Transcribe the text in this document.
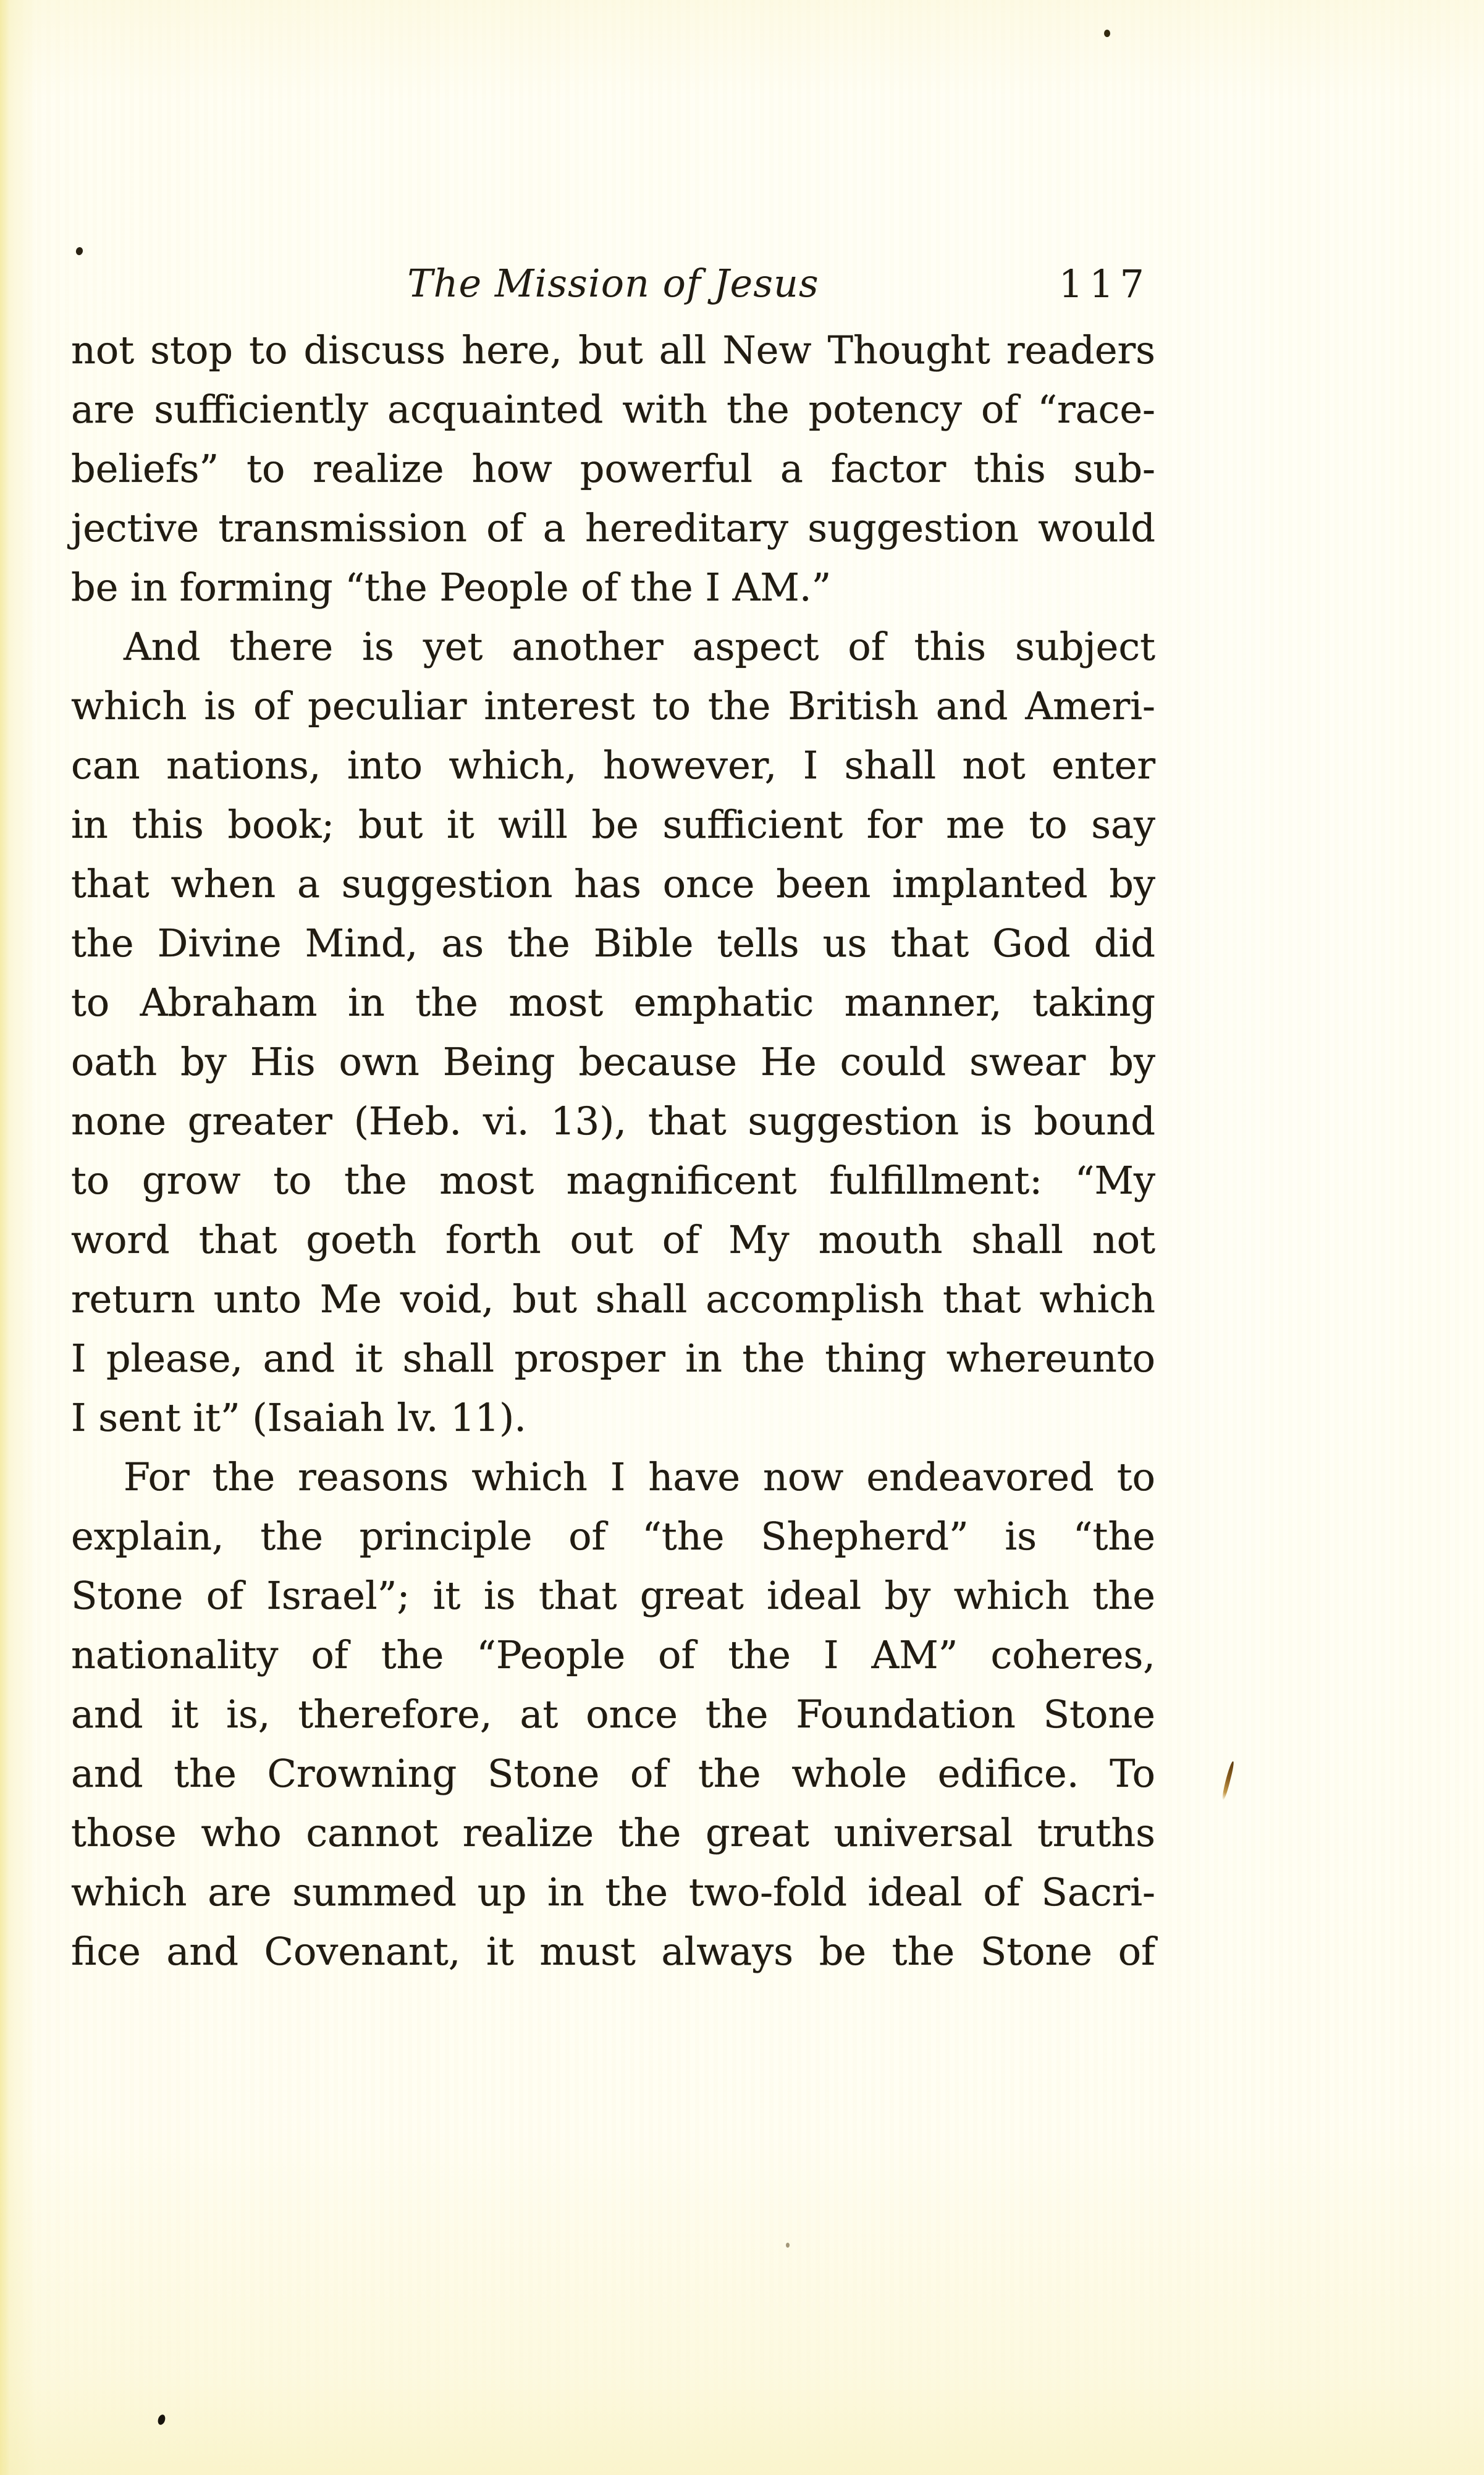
The Mission of Jesus	117
not stop to discuss here, but all New Thought readers
are sufficiently acquainted with the potency of “race-
beliefs” to realize how powerful a factor this sub-
jective transmission of a hereditary suggestion would
be in forming “the People of the I AM.”
And there is yet another aspect of this subject
which is of peculiar interest to the British and Ameri-
can nations, into which, however, I shall not enter
in this book; but it will be sufficient for me to say
that when a suggestion has once been implanted by
the Divine Mind, as the Bible tells us that God did
to Abraham in the most emphatic manner, taking
oath by His own Being because He could swear by
none greater (Heb. vi. 13), that suggestion is bound
to grow to the most magnificent fulfillment: “My
word that goeth forth out of My mouth shall not
return unto Me void, but shall accomplish that which
I please, and it shall prosper in the thing whereunto
I sent it” (Isaiah lv. 11).
For the reasons which I have now endeavored to
explain, the principle of “the Shepherd” is “the
Stone of Israel”; it is that great ideal by which the
nationality of the “People of the I AM” coheres,
and it is, therefore, at once the Foundation Stone
and the Crowning Stone of the whole edifice. To
those who cannot realize the great universal truths
which are summed up in the two-fold ideal of Sacri-
fice and Covenant, it must always be the Stone of
